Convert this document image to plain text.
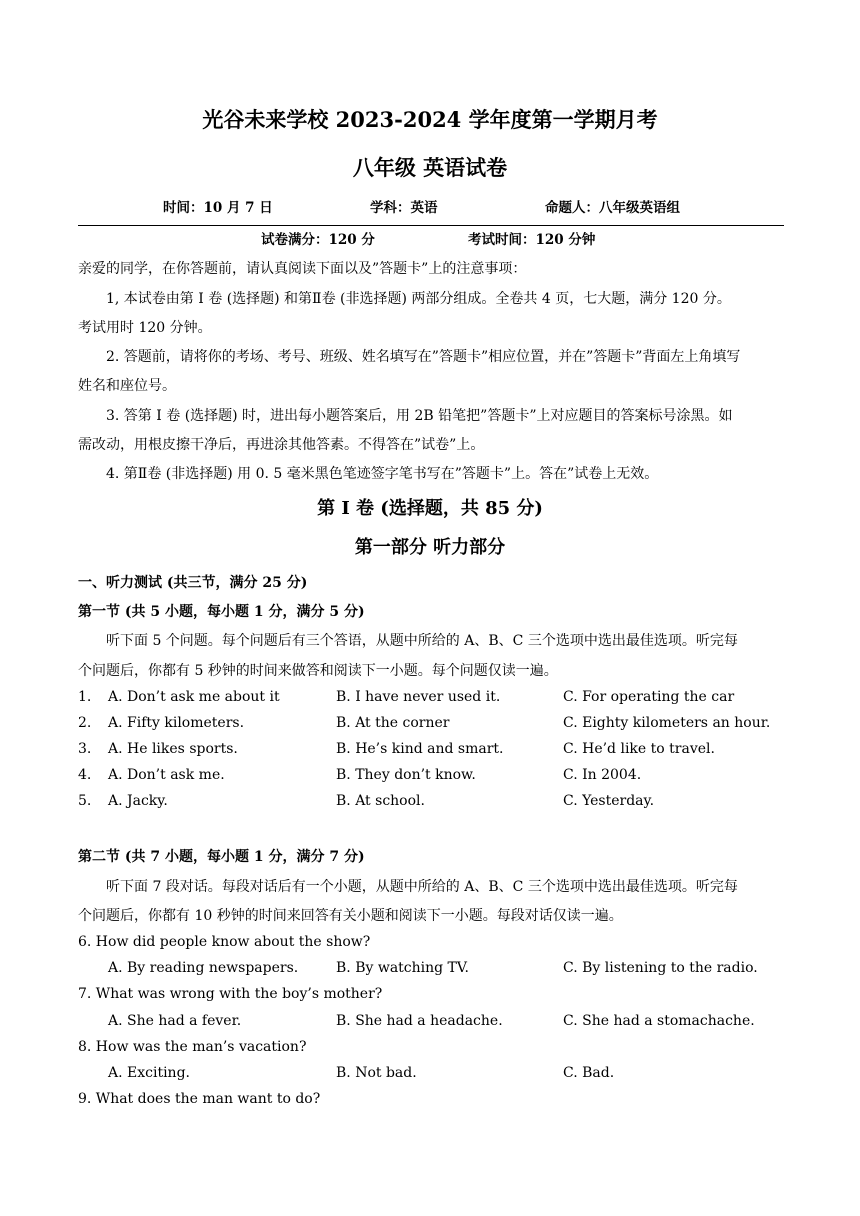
光谷未来学校 2023-2024 学年度第一学期月考
八年级 英语试卷
时间：10 月 7 日	学科：英语	命题人：八年级英语组
试卷满分：120 分	考试时间：120 分钟
亲爱的同学，在你答题前，请认真阅读下面以及”答题卡”上的注意事项：
1, 本试卷由第 I 卷 (选择题) 和第Ⅱ卷 (非选择题) 两部分组成。全卷共 4 页，七大题，满分 120 分。
考试用时 120 分钟。
2. 答题前，请将你的考场、考号、班级、姓名填写在”答题卡”相应位置，并在”答题卡”背面左上角填写
姓名和座位号。
3. 答第 I 卷 (选择题) 时，进出每小题答案后，用 2B 铅笔把”答题卡”上对应题目的答案标号涂黑。如
需改动，用根皮擦干净后，再进涂其他答素。不得答在”试卷”上。
4. 第Ⅱ卷 (非选择题) 用 0. 5 毫米黑色笔迹签字笔书写在”答题卡”上。答在”试卷上无效。
第 I 卷 (选择题，共 85 分)
第一部分 听力部分
一、听力测试 (共三节，满分 25 分)
第一节 (共 5 小题，每小题 1 分，满分 5 分)
听下面 5 个问题。每个问题后有三个答语，从题中所给的 A、B、C 三个选项中选出最佳选项。听完每
个问题后，你都有 5 秒钟的时间来做答和阅读下一小题。每个问题仅读一遍。
1. A. Don’t ask me about it	B. I have never used it.	C. For operating the car
2. A. Fifty kilometers.	B. At the corner	C. Eighty kilometers an hour.
3. A. He likes sports.	B. He’s kind and smart.	C. He’d like to travel.
4. A. Don’t ask me.	B. They don’t know.	C. In 2004.
5. A. Jacky.	B. At school.	C. Yesterday.
第二节 (共 7 小题，每小题 1 分，满分 7 分)
听下面 7 段对话。每段对话后有一个小题，从题中所给的 A、B、C 三个选项中选出最佳选项。听完每
个问题后，你都有 10 秒钟的时间来回答有关小题和阅读下一小题。每段对话仅读一遍。
6. How did people know about the show?
A. By reading newspapers.	B. By watching TV.	C. By listening to the radio.
7. What was wrong with the boy’s mother?
A. She had a fever.	B. She had a headache.	C. She had a stomachache.
8. How was the man’s vacation?
A. Exciting.	B. Not bad.	C. Bad.
9. What does the man want to do?
